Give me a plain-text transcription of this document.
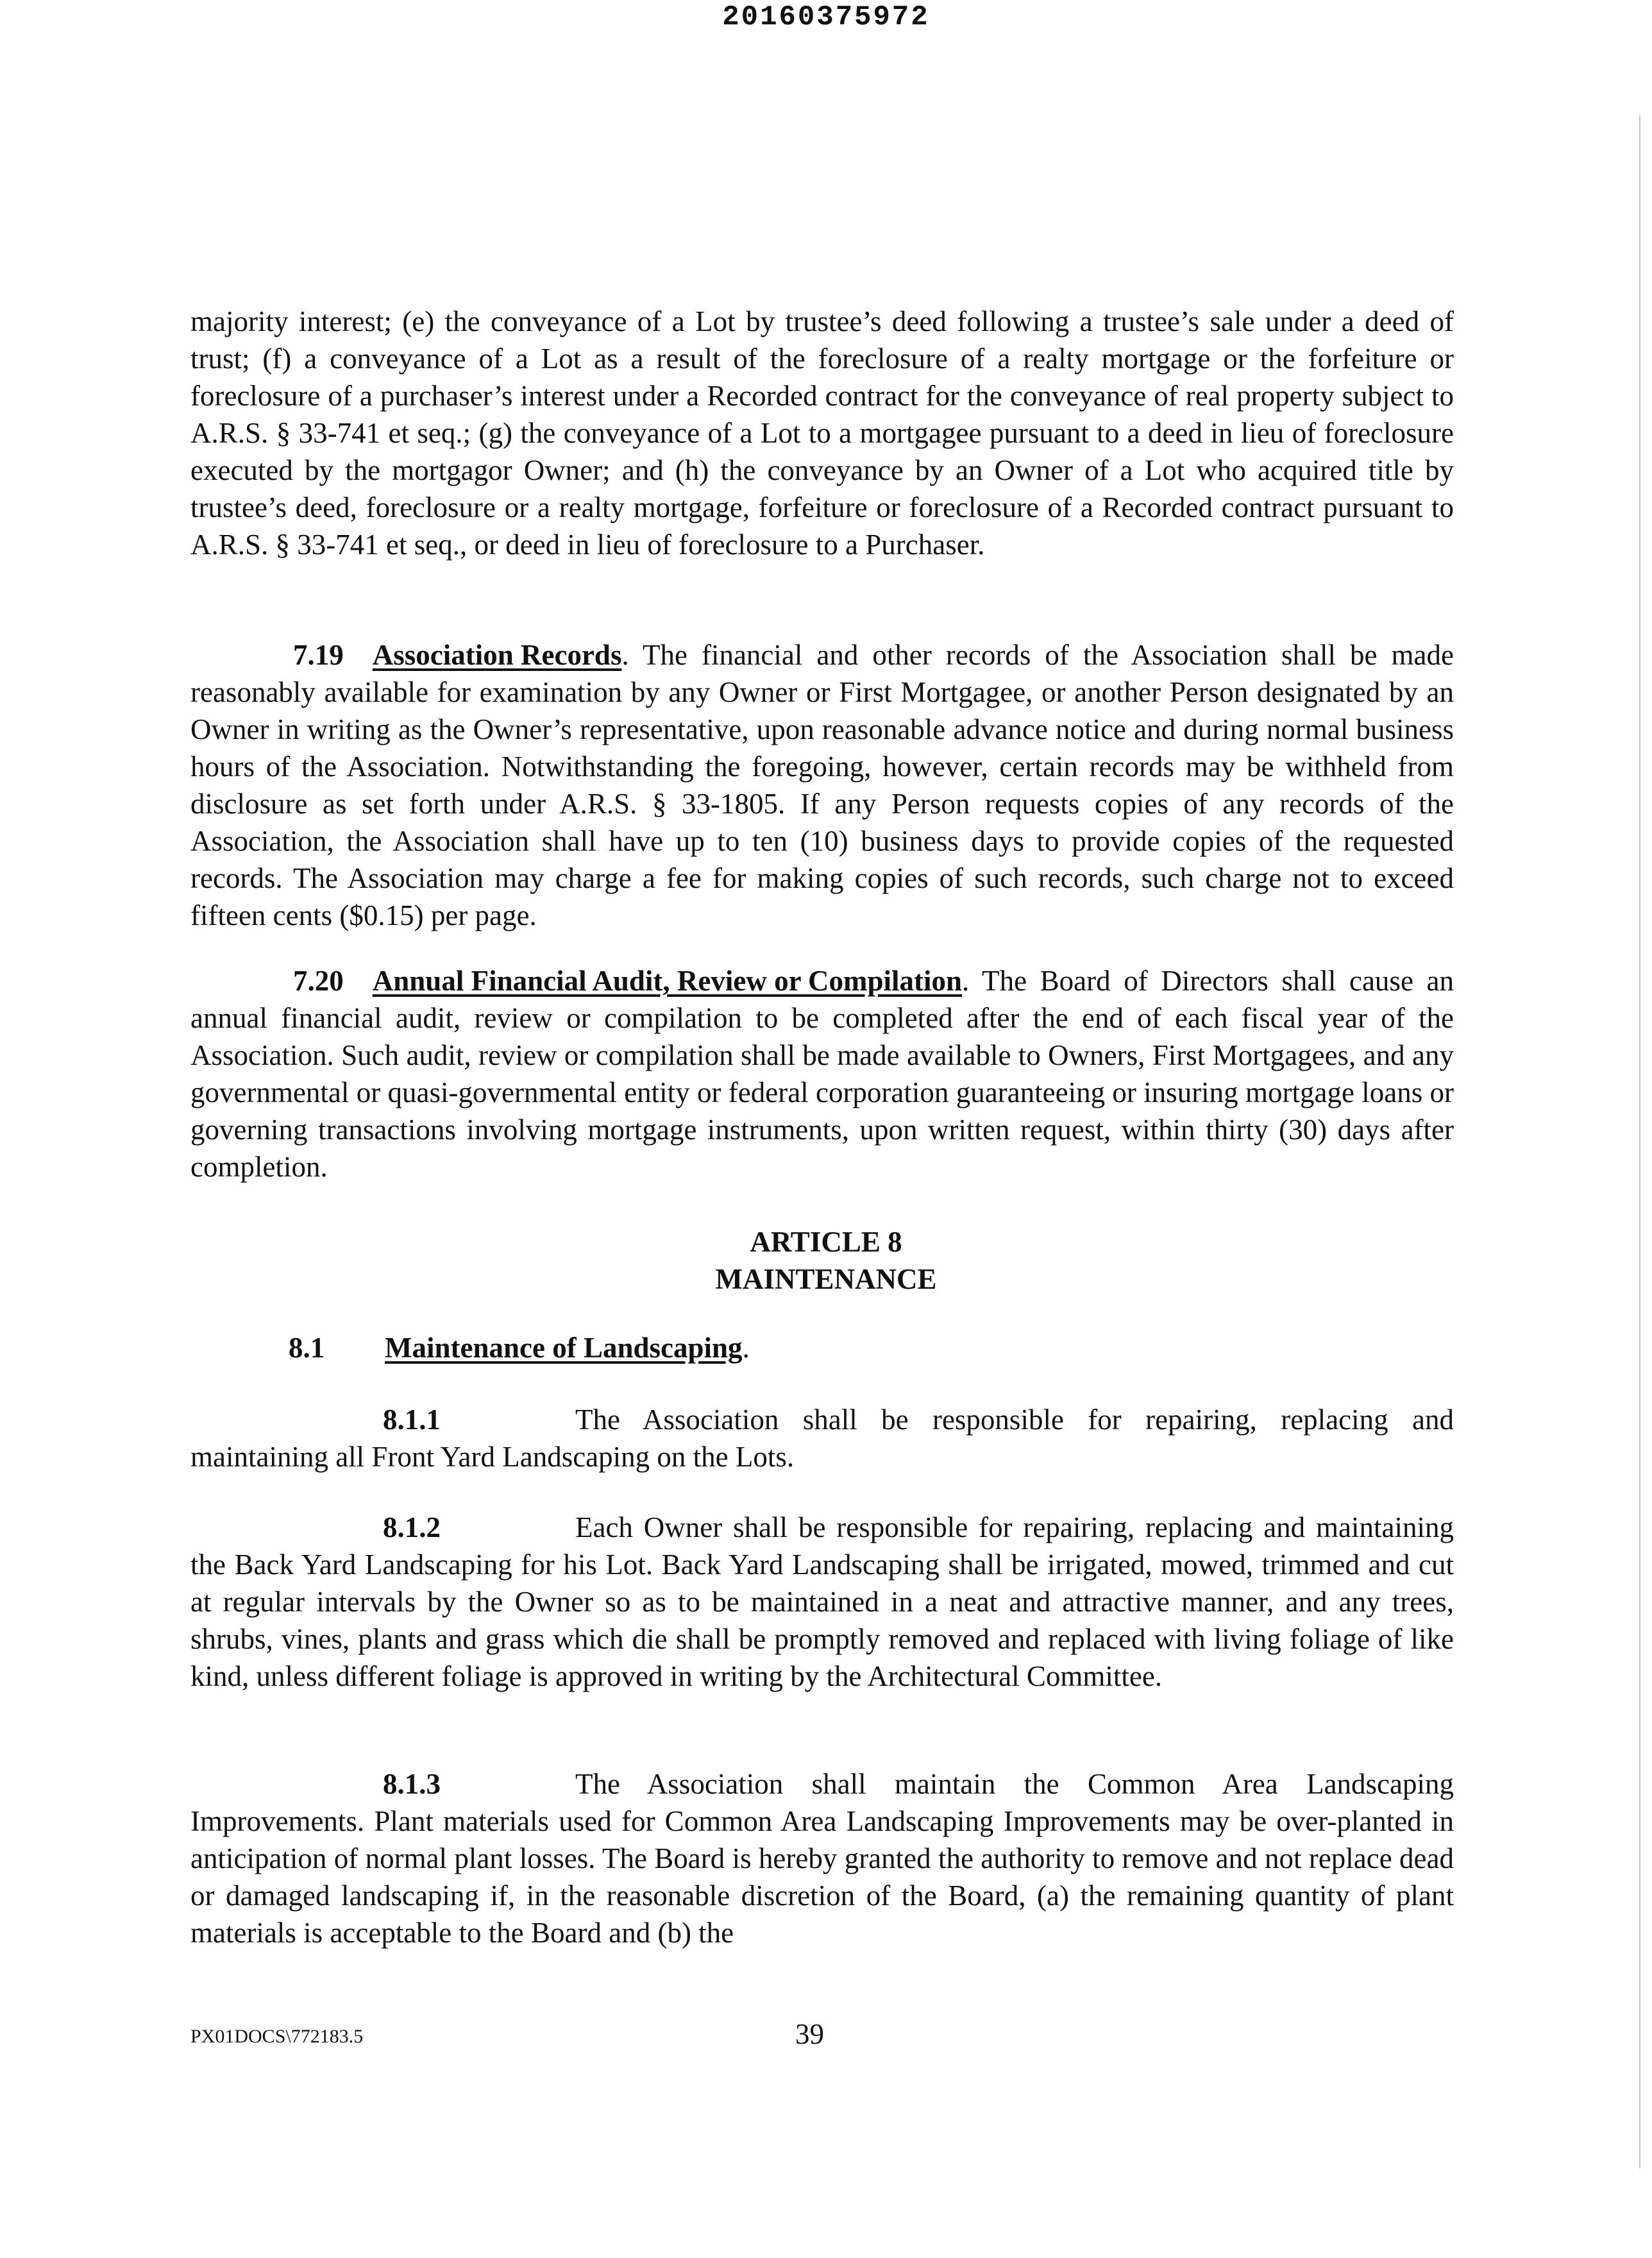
20160375972

majority interest; (e) the conveyance of a Lot by trustee’s deed following a trustee’s sale under a deed of trust; (f) a conveyance of a Lot as a result of the foreclosure of a realty mortgage or the forfeiture or foreclosure of a purchaser’s interest under a Recorded contract for the conveyance of real property subject to A.R.S. § 33-741 et seq.; (g) the conveyance of a Lot to a mortgagee pursuant to a deed in lieu of foreclosure executed by the mortgagor Owner; and (h) the conveyance by an Owner of a Lot who acquired title by trustee’s deed, foreclosure or a realty mortgage, forfeiture or foreclosure of a Recorded contract pursuant to A.R.S. § 33-741 et seq., or deed in lieu of foreclosure to a Purchaser.

7.19 Association Records. The financial and other records of the Association shall be made reasonably available for examination by any Owner or First Mortgagee, or another Person designated by an Owner in writing as the Owner’s representative, upon reasonable advance notice and during normal business hours of the Association. Notwithstanding the foregoing, however, certain records may be withheld from disclosure as set forth under A.R.S. § 33-1805. If any Person requests copies of any records of the Association, the Association shall have up to ten (10) business days to provide copies of the requested records. The Association may charge a fee for making copies of such records, such charge not to exceed fifteen cents ($0.15) per page.

7.20 Annual Financial Audit, Review or Compilation. The Board of Directors shall cause an annual financial audit, review or compilation to be completed after the end of each fiscal year of the Association. Such audit, review or compilation shall be made available to Owners, First Mortgagees, and any governmental or quasi-governmental entity or federal corporation guaranteeing or insuring mortgage loans or governing transactions involving mortgage instruments, upon written request, within thirty (30) days after completion.

ARTICLE 8
MAINTENANCE
8.1 Maintenance of Landscaping.

8.1.1	The Association shall be responsible for repairing, replacing and maintaining all Front Yard Landscaping on the Lots.

8.1.2	Each Owner shall be responsible for repairing, replacing and maintaining the Back Yard Landscaping for his Lot. Back Yard Landscaping shall be irrigated, mowed, trimmed and cut at regular intervals by the Owner so as to be maintained in a neat and attractive manner, and any trees, shrubs, vines, plants and grass which die shall be promptly removed and replaced with living foliage of like kind, unless different foliage is approved in writing by the Architectural Committee.

8.1.3	The Association shall maintain the Common Area Landscaping Improvements. Plant materials used for Common Area Landscaping Improvements may be over-planted in anticipation of normal plant losses. The Board is hereby granted the authority to remove and not replace dead or damaged landscaping if, in the reasonable discretion of the Board, (a) the remaining quantity of plant materials is acceptable to the Board and (b) the

PX01DOCS\772183.5	39
